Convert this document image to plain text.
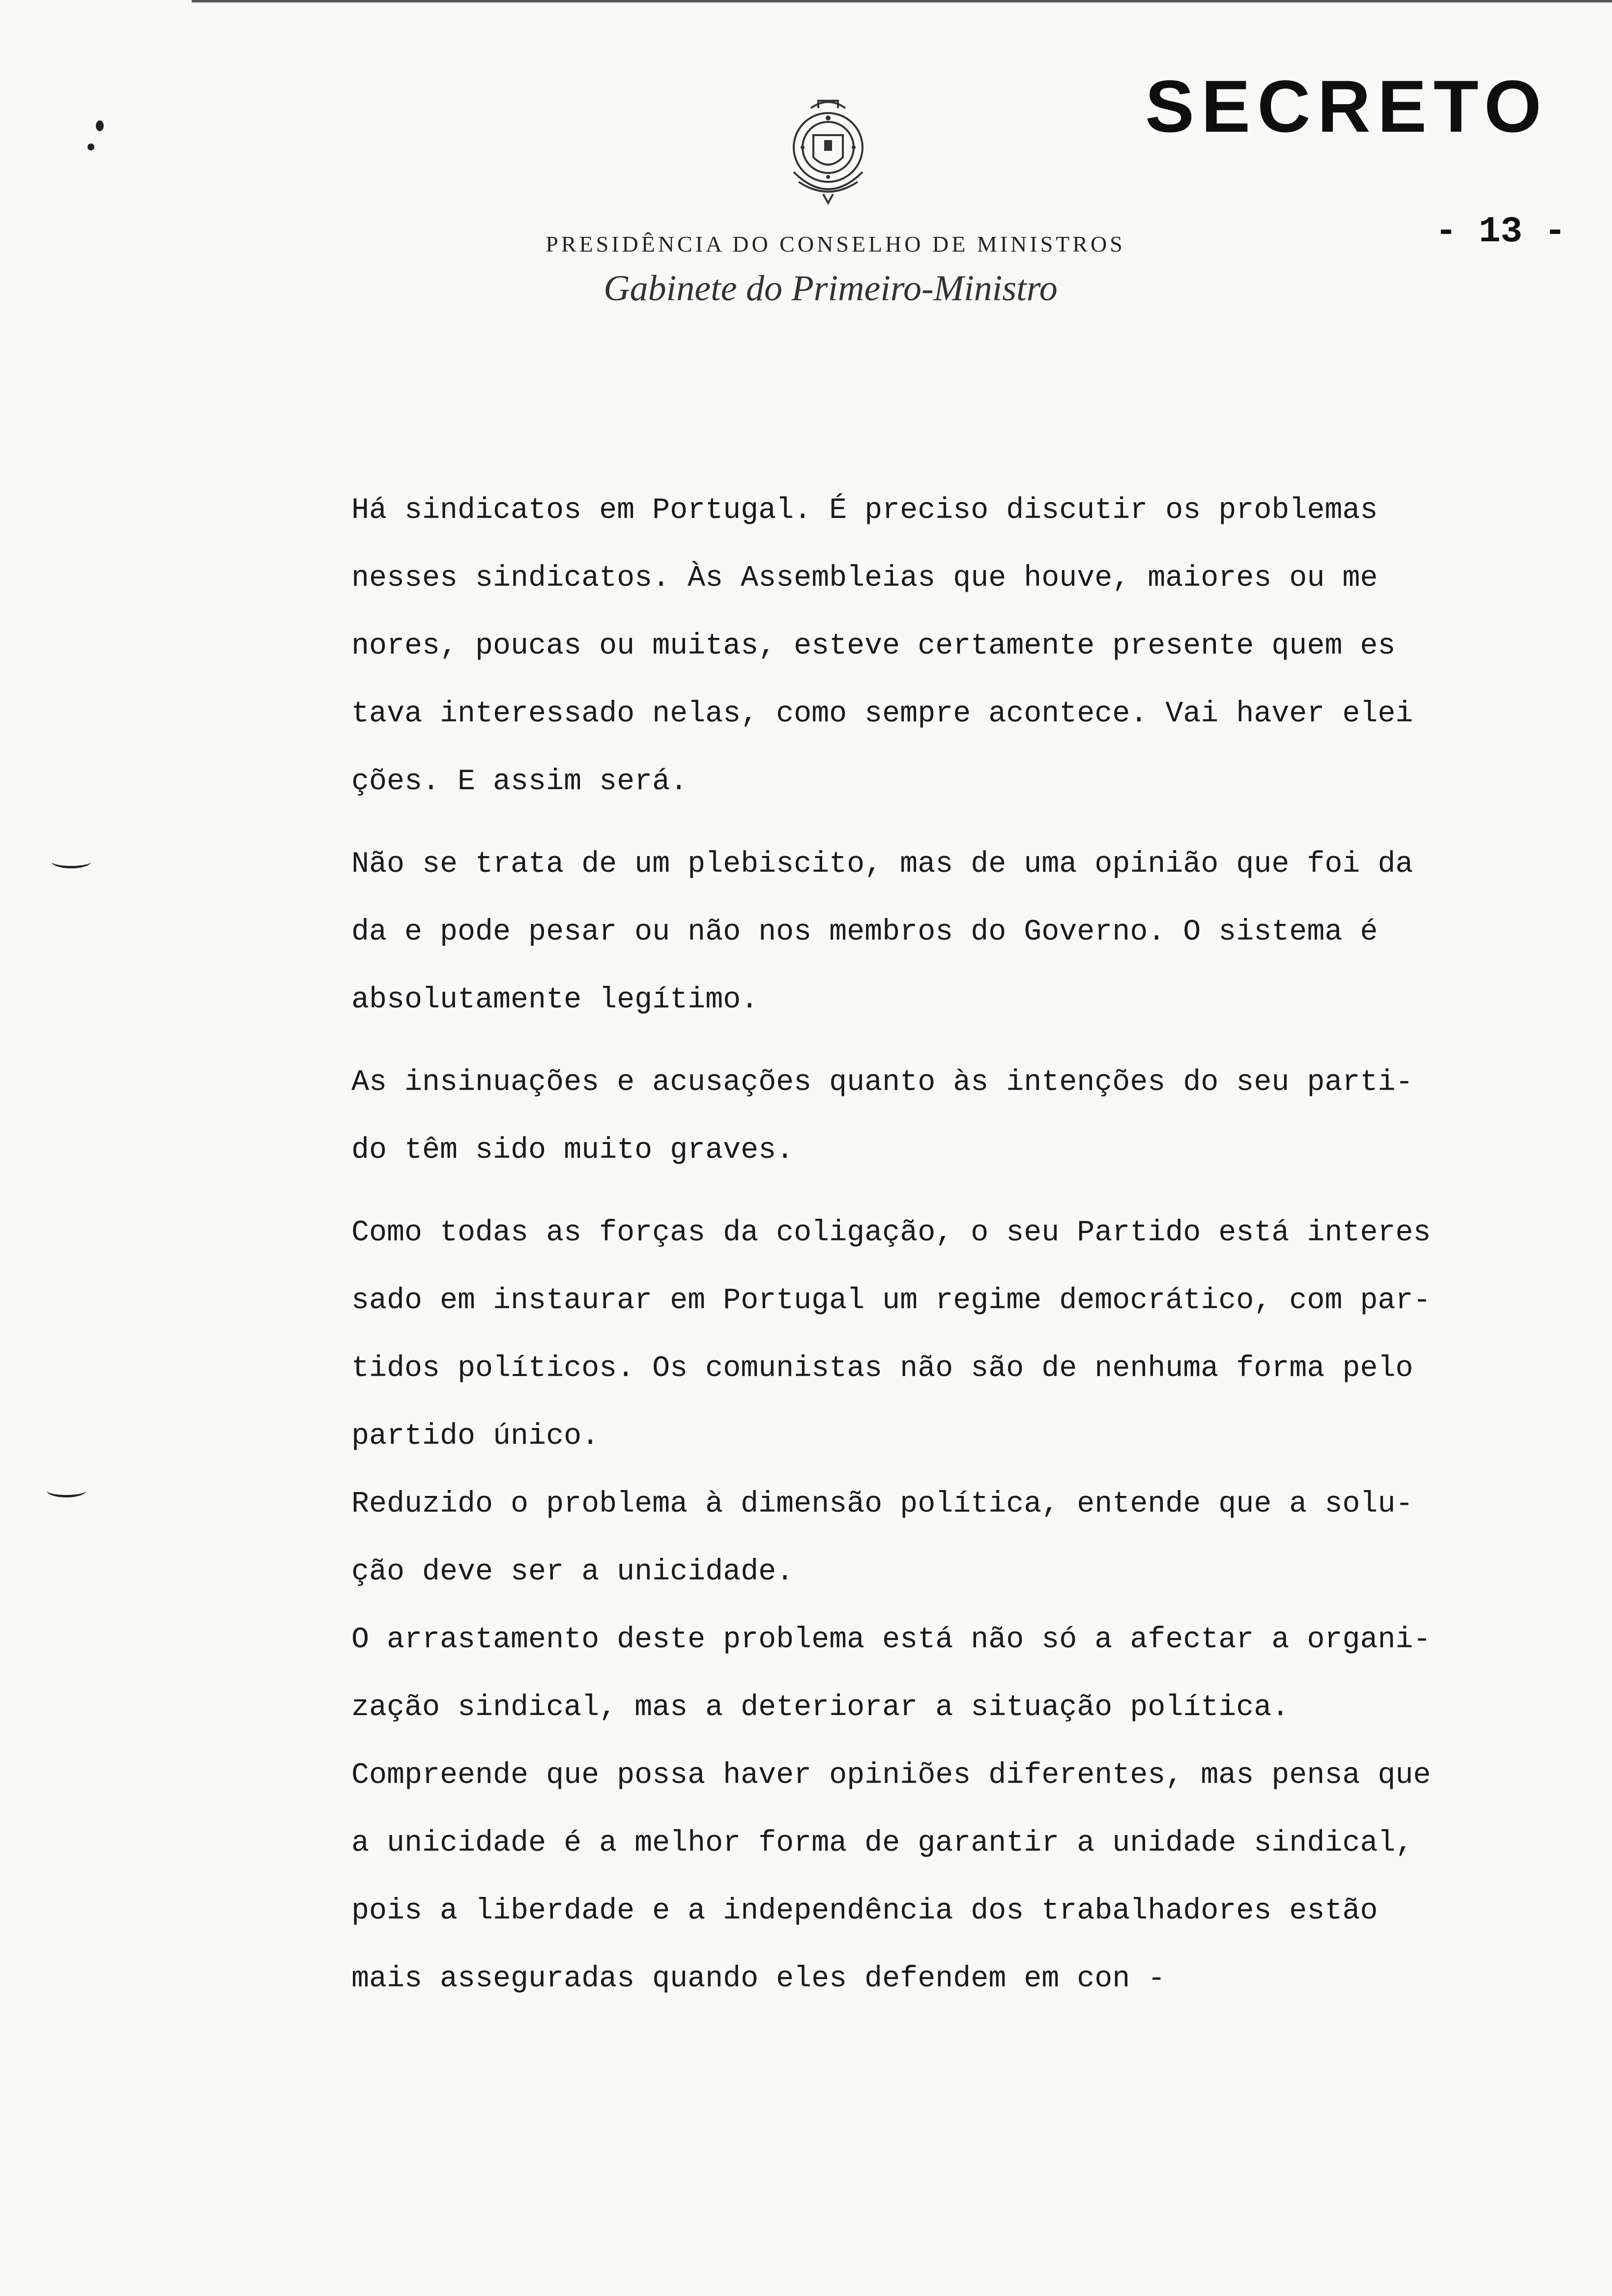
SECRETO
- 13 -
PRESIDÊNCIA DO CONSELHO DE MINISTROS
Gabinete do Primeiro-Ministro
Há sindicatos em Portugal. É preciso discutir os problemas
nesses sindicatos. Às Assembleias que houve, maiores ou me
nores, poucas ou muitas, esteve certamente presente quem es
tava interessado nelas, como sempre acontece. Vai haver elei
ções. E assim será.
Não se trata de um plebiscito, mas de uma opinião que foi da
da e pode pesar ou não nos membros do Governo. O sistema é
absolutamente legítimo.
As insinuações e acusações quanto às intenções do seu parti-
do têm sido muito graves.
Como todas as forças da coligação, o seu Partido está interes
sado em instaurar em Portugal um regime democrático, com par-
tidos políticos. Os comunistas não são de nenhuma forma pelo
partido único.
Reduzido o problema à dimensão política, entende que a solu-
ção deve ser a unicidade.
O arrastamento deste problema está não só a afectar a organi-
zação sindical, mas a deteriorar a situação política.
Compreende que possa haver opiniões diferentes, mas pensa que
a unicidade é a melhor forma de garantir a unidade sindical,
pois a liberdade e a independência dos trabalhadores estão
mais asseguradas quando eles defendem em con -
